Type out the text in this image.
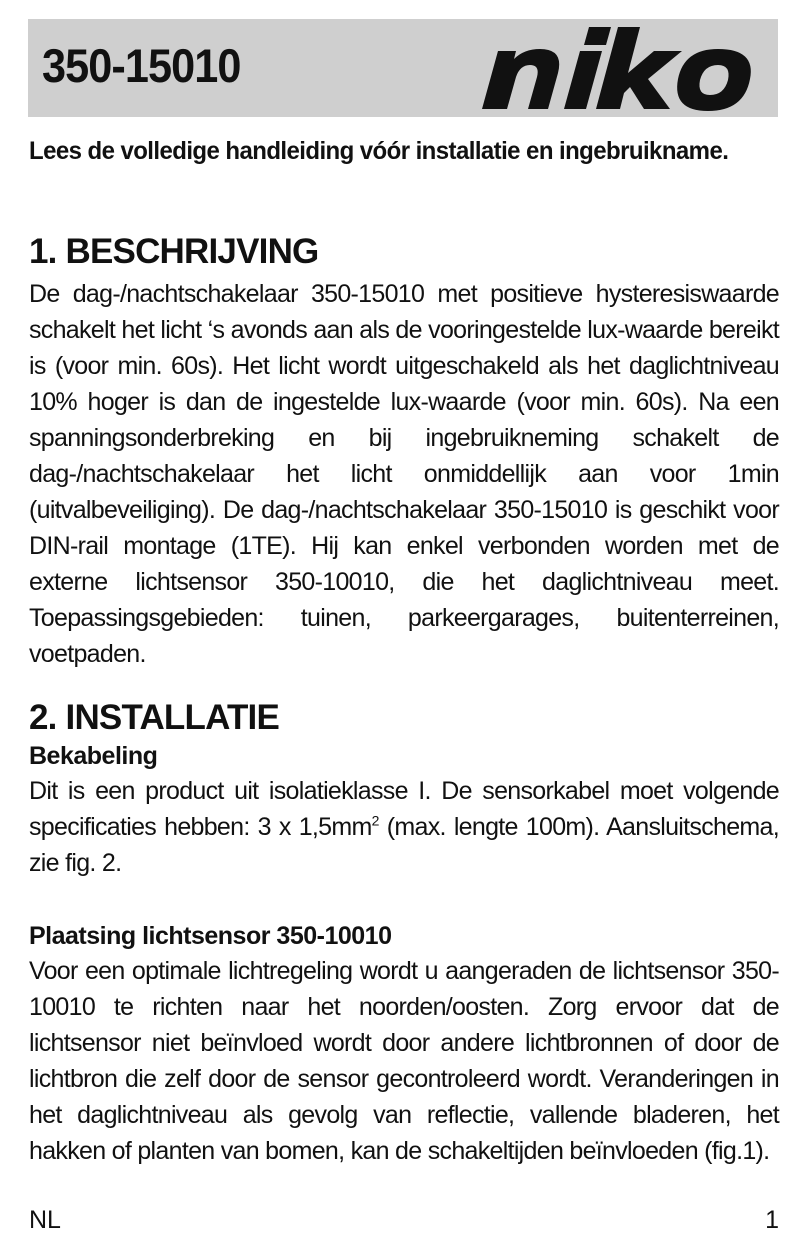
350-15010

Lees de volledige handleiding vóór installatie en ingebruikname.

1. BESCHRIJVING

De dag-/nachtschakelaar 350-15010 met positieve hysteresiswaarde schakelt het licht ‘s avonds aan als de vooringestelde lux-waarde bereikt is (voor min. 60s). Het licht wordt uitgeschakeld als het daglichtniveau 10% hoger is dan de ingestelde lux-waarde (voor min. 60s). Na een spanningsonderbreking en bij ingebruikneming schakelt de dag-/nachtschakelaar het licht onmiddellijk aan voor 1min (uitvalbeveiliging). De dag-/nachtschakelaar 350-15010 is geschikt voor DIN-rail montage (1TE). Hij kan enkel verbonden worden met de externe lichtsensor 350-10010, die het daglichtniveau meet. Toepassingsgebieden: tuinen, parkeergarages, buitenterreinen, voetpaden.

2. INSTALLATIE
Bekabeling

Dit is een product uit isolatieklasse I. De sensorkabel moet volgende specificaties hebben: 3 x $1,5mm^2$ (max. lengte 100m). Aansluitschema, zie fig. 2.

Plaatsing lichtsensor 350-10010

Voor een optimale lichtregeling wordt u aangeraden de lichtsensor 350-10010 te richten naar het noorden/oosten. Zorg ervoor dat de lichtsensor niet beïnvloed wordt door andere lichtbronnen of door de lichtbron die zelf door de sensor gecontroleerd wordt. Veranderingen in het daglichtniveau als gevolg van reflectie, vallende bladeren, het hakken of planten van bomen, kan de schakeltijden beïnvloeden (fig.1).

NL	1
